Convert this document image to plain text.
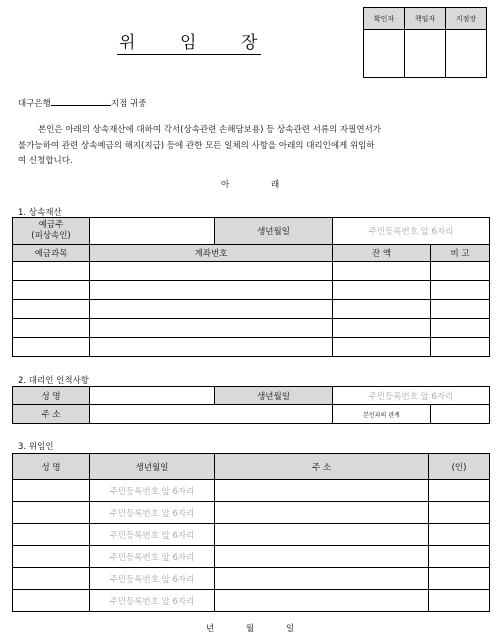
확인자	책임자	지점장

위	임	장
대구은행	지점 귀중
본인은 아래의 상속재산에 대하여 각서(상속관련 손해담보용) 등 상속관련 서류의 자필연서가
불가능하여 관련 상속예금의 해지(지급) 등에 관한 모든 일체의 사항을 아래의 대리인에게 위임하
여 신청합니다.
아	래
1. 상속재산
예금주
(피상속인)		생년월일	주민등록번호 앞 6자리	
예금과목	계좌번호		잔 액	비 고

2. 대리인 인적사항
성 명		생년월일	주민등록번호 앞 6자리	
주 소			본인과의 관계	
3. 위임인
성 명	생년월일	주 소	(인)
	주민등록번호 앞 6자리		
	주민등록번호 앞 6자리		
	주민등록번호 앞 6자리		
	주민등록번호 앞 6자리		
	주민등록번호 앞 6자리		
	주민등록번호 앞 6자리		
년	월	일
